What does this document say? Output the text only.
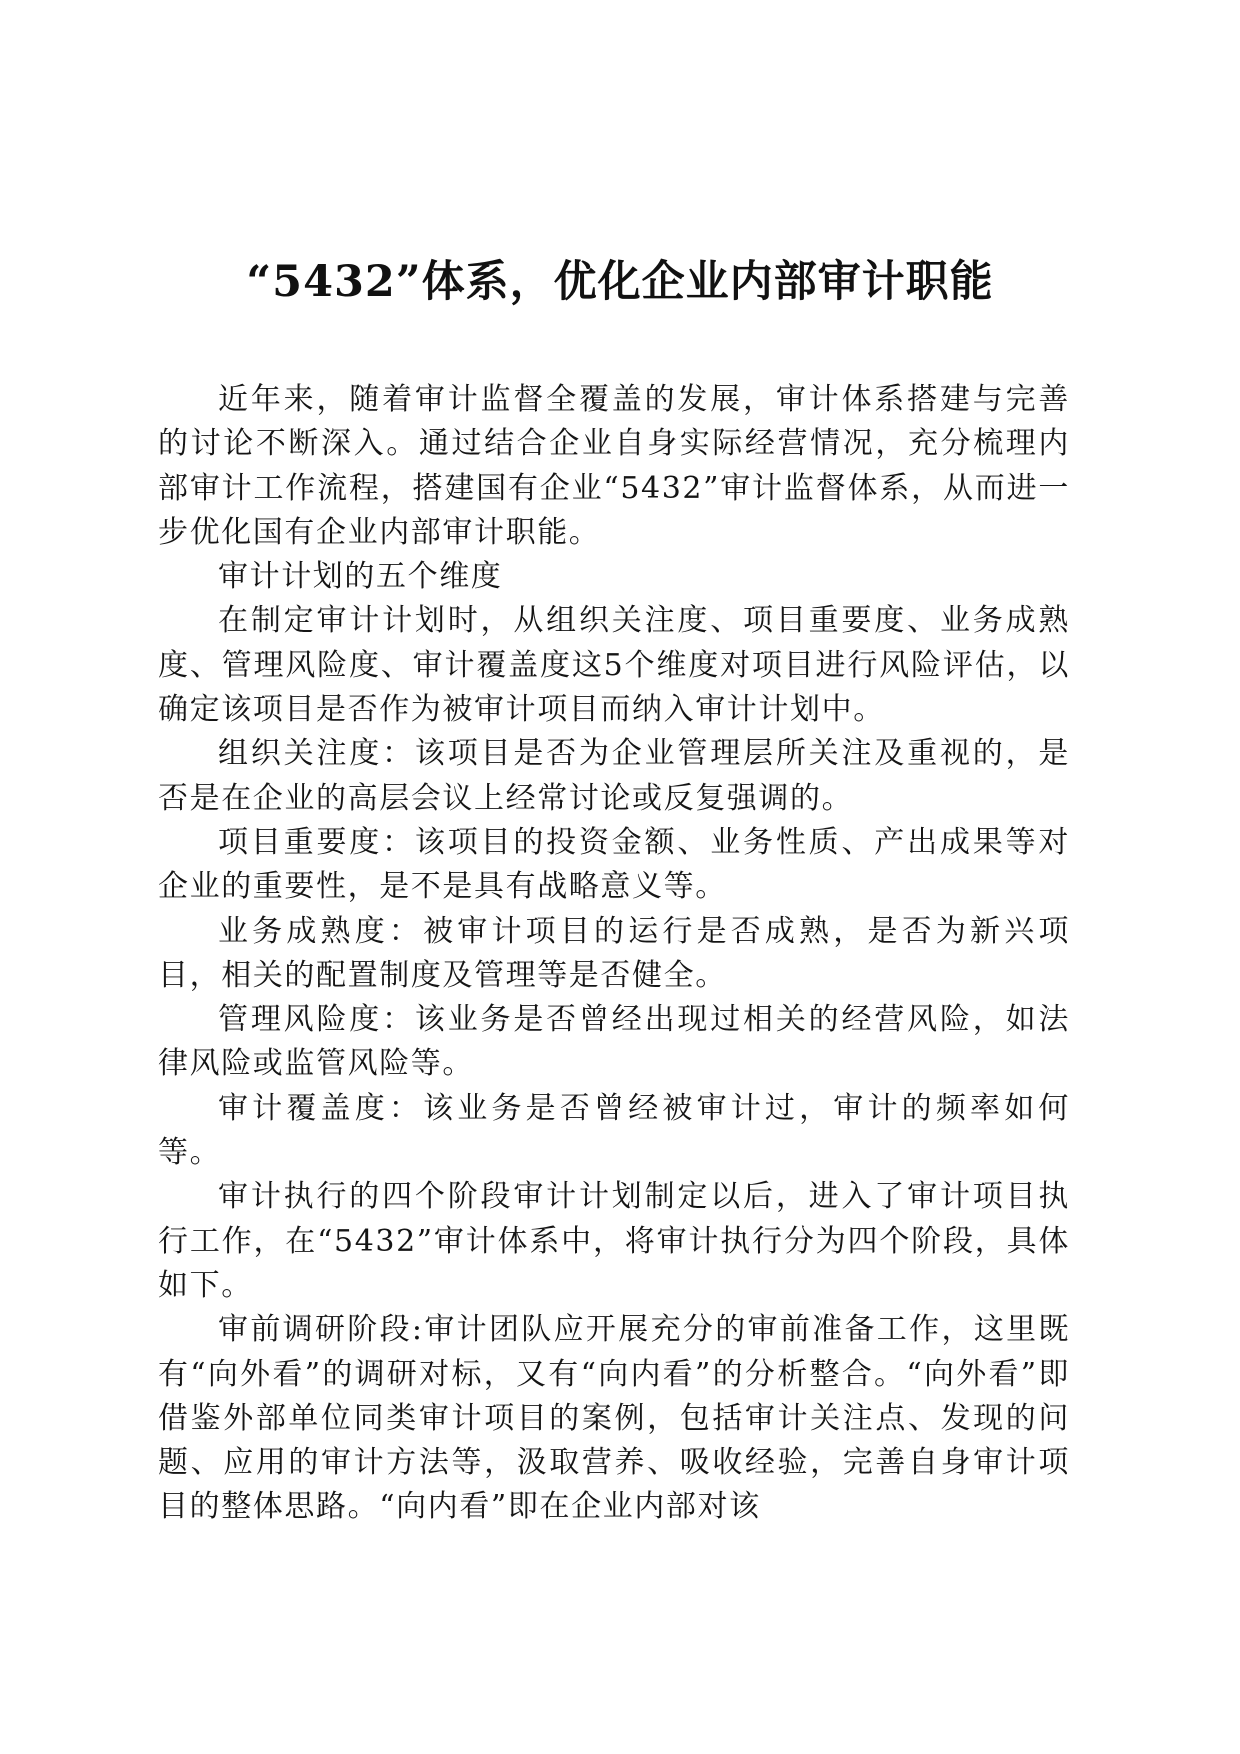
“5432”体系，优化企业内部审计职能

近年来，随着审计监督全覆盖的发展，审计体系搭建与完善的讨论不断深入。通过结合企业自身实际经营情况，充分梳理内部审计工作流程，搭建国有企业“5432”审计监督体系，从而进一步优化国有企业内部审计职能。

审计计划的五个维度

在制定审计计划时，从组织关注度、项目重要度、业务成熟度、管理风险度、审计覆盖度这5个维度对项目进行风险评估，以确定该项目是否作为被审计项目而纳入审计计划中。

组织关注度：该项目是否为企业管理层所关注及重视的，是否是在企业的高层会议上经常讨论或反复强调的。

项目重要度：该项目的投资金额、业务性质、产出成果等对企业的重要性，是不是具有战略意义等。

业务成熟度：被审计项目的运行是否成熟，是否为新兴项目，相关的配置制度及管理等是否健全。

管理风险度：该业务是否曾经出现过相关的经营风险，如法律风险或监管风险等。

审计覆盖度：该业务是否曾经被审计过，审计的频率如何等。

审计执行的四个阶段审计计划制定以后，进入了审计项目执行工作，在“5432”审计体系中，将审计执行分为四个阶段，具体如下。

审前调研阶段:审计团队应开展充分的审前准备工作，这里既有“向外看”的调研对标，又有“向内看”的分析整合。“向外看”即借鉴外部单位同类审计项目的案例，包括审计关注点、发现的问题、应用的审计方法等，汲取营养、吸收经验，完善自身审计项目的整体思路。“向内看”即在企业内部对该
